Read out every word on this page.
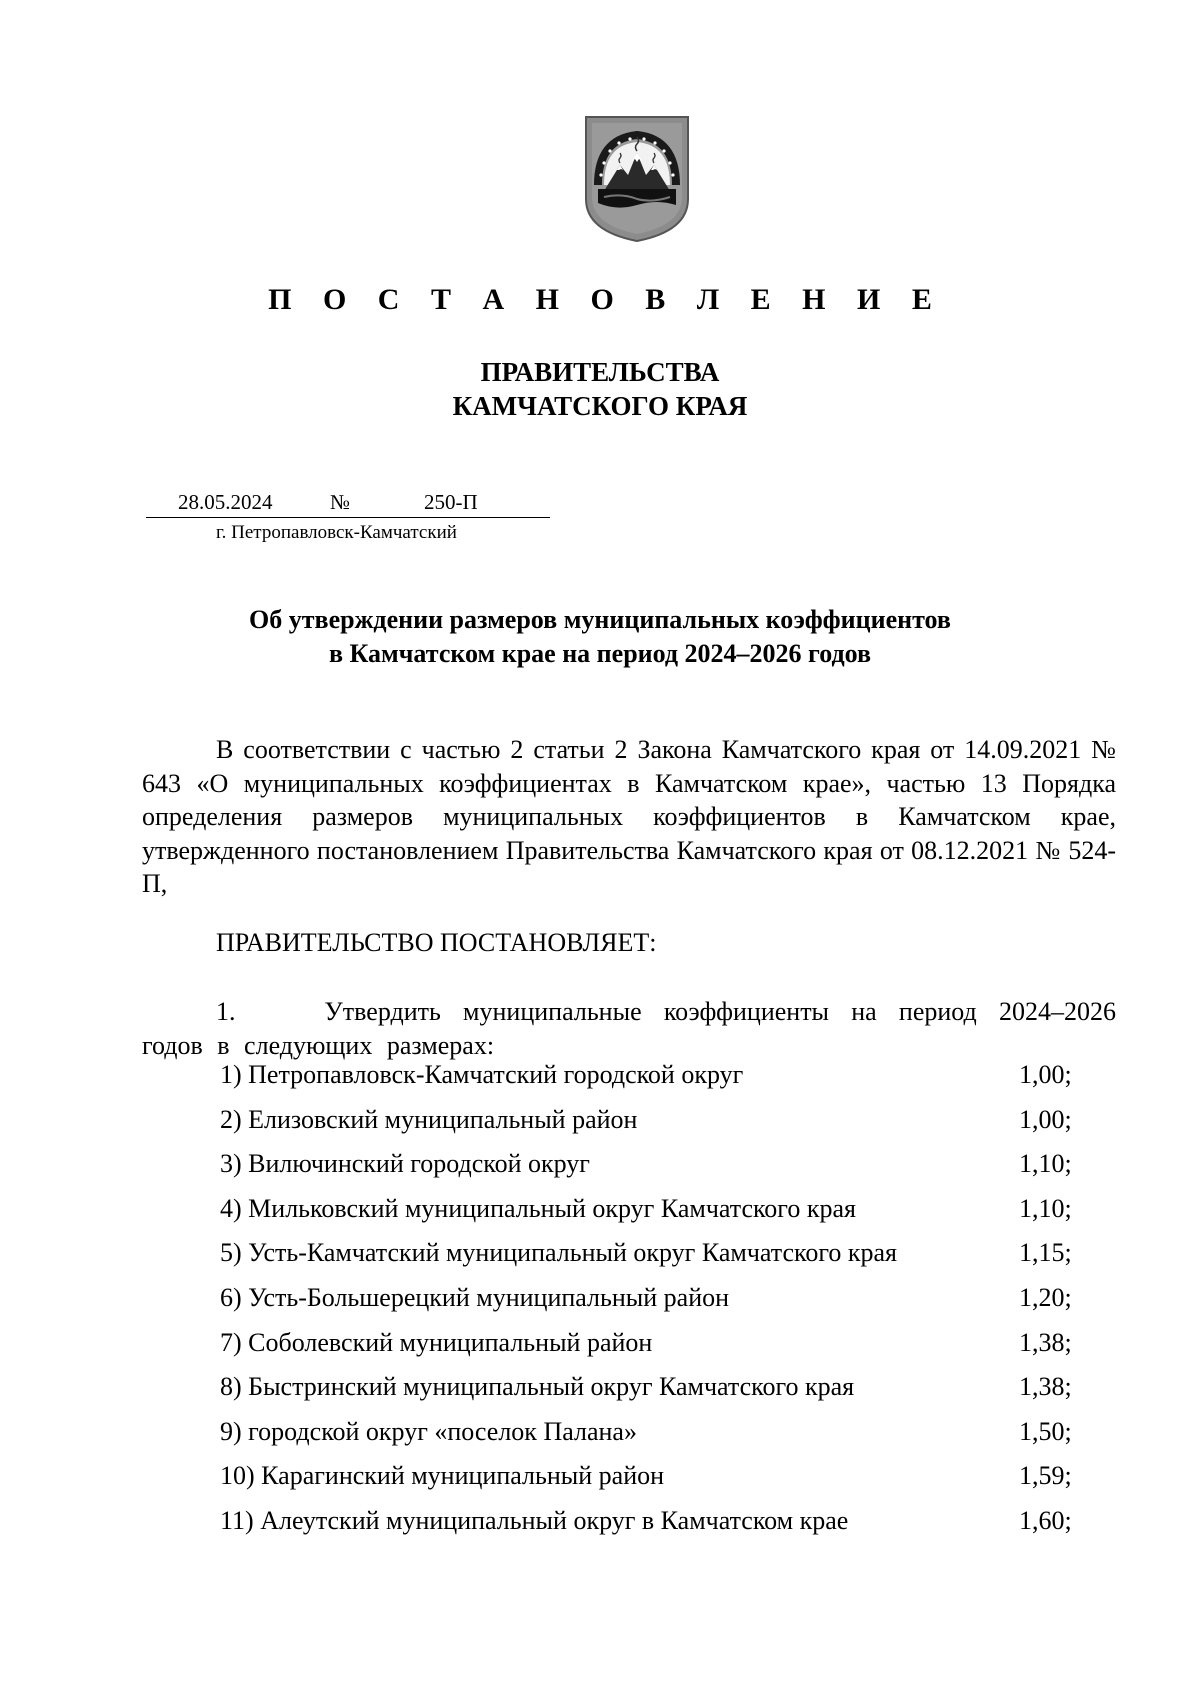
П О С Т А Н О В Л Е Н И Е
ПРАВИТЕЛЬСТВА
КАМЧАТСКОГО КРАЯ
28.05.2024	№	250-П
г. Петропавловск-Камчатский
Об утверждении размеров муниципальных коэффициентов
в Камчатском крае на период 2024–2026 годов
В соответствии с частью 2 статьи 2 Закона Камчатского края от 14.09.2021 № 643 «О муниципальных коэффициентах в Камчатском крае», частью 13 Порядка определения размеров муниципальных коэффициентов в Камчатском крае, утвержденного постановлением Правительства Камчатского края от 08.12.2021 № 524-П,
ПРАВИТЕЛЬСТВО ПОСТАНОВЛЯЕТ:
1.    Утвердить муниципальные коэффициенты на период 2024–2026 годов в следующих размерах:
1) Петропавловск-Камчатский городской округ	1,00;
2) Елизовский муниципальный район	1,00;
3) Вилючинский городской округ	1,10;
4) Мильковский муниципальный округ Камчатского края	1,10;
5) Усть-Камчатский муниципальный округ Камчатского края	1,15;
6) Усть-Большерецкий муниципальный район	1,20;
7) Соболевский муниципальный район	1,38;
8) Быстринский муниципальный округ Камчатского края	1,38;
9) городской округ «поселок Палана»	1,50;
10) Карагинский муниципальный район	1,59;
11) Алеутский муниципальный округ в Камчатском крае	1,60;
